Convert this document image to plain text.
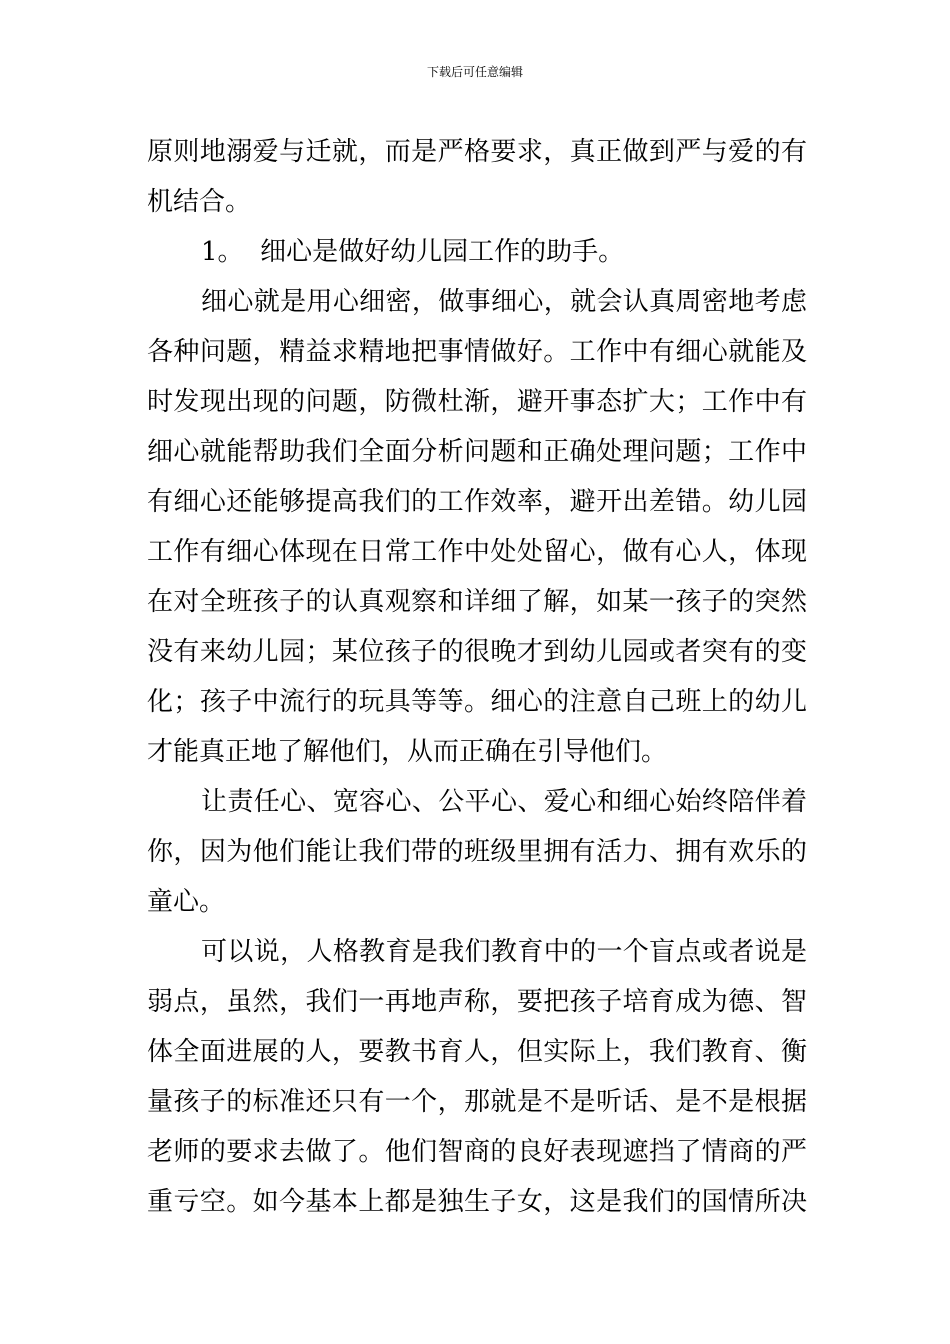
下载后可任意编辑
原则地溺爱与迁就，而是严格要求，真正做到严与爱的有
机结合。
1。  细心是做好幼儿园工作的助手。
细心就是用心细密，做事细心，就会认真周密地考虑
各种问题，精益求精地把事情做好。工作中有细心就能及
时发现出现的问题，防微杜渐，避开事态扩大；工作中有
细心就能帮助我们全面分析问题和正确处理问题；工作中
有细心还能够提高我们的工作效率，避开出差错。幼儿园
工作有细心体现在日常工作中处处留心，做有心人，体现
在对全班孩子的认真观察和详细了解，如某一孩子的突然
没有来幼儿园；某位孩子的很晚才到幼儿园或者突有的变
化；孩子中流行的玩具等等。细心的注意自己班上的幼儿
才能真正地了解他们，从而正确在引导他们。
让责任心、宽容心、公平心、爱心和细心始终陪伴着
你，因为他们能让我们带的班级里拥有活力、拥有欢乐的
童心。
可以说，人格教育是我们教育中的一个盲点或者说是
弱点，虽然，我们一再地声称，要把孩子培育成为德、智
体全面进展的人，要教书育人，但实际上，我们教育、衡
量孩子的标准还只有一个，那就是不是听话、是不是根据
老师的要求去做了。他们智商的良好表现遮挡了情商的严
重亏空。如今基本上都是独生子女，这是我们的国情所决
